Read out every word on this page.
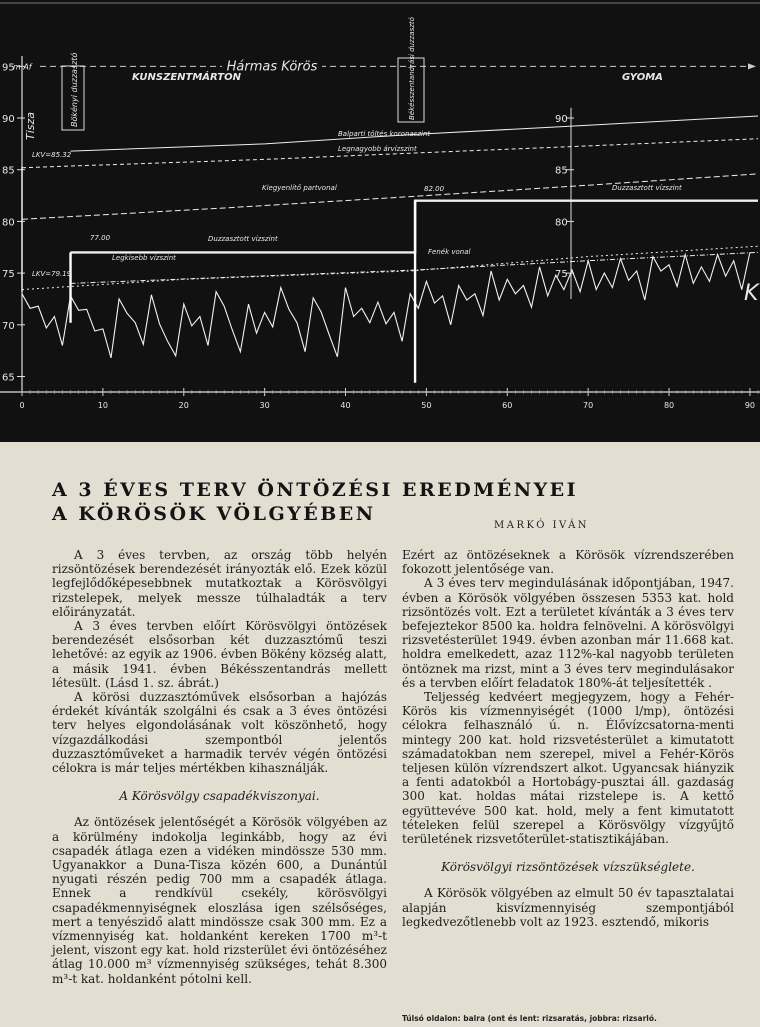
0	10	20	30	40	50	60	70	80	90
95
90
85
80
75
70
65
m Af
90
85
80
75
Hármas Körös
KUNSZENTMÁRTON	GYOMA
Tisza	Bökényi duzzasztó	Békésszentandrási duzzasztó
K
Balparti töltés koronaszint
Legnagyobb árvízszint
Kiegyenlítő partvonal
Duzzasztott vízszint
Duzzasztott vízszint
Legkisebb vízszint
Fenék vonal
LKV=85.32
LKV=79.19
77.00
82.00
A 3 ÉVES TERV ÖNTÖZÉSI EREDMÉNYEI
A KÖRÖSÖK VÖLGYÉBEN
MARKÓ IVÁN

A 3 éves tervben, az ország több helyén rizsöntözések berendezését irányozták elő. Ezek közül legfejlődőképesebbnek mutatkoztak a Körösvölgyi rizstelepek, melyek messze túlhaladták a terv előirányzatát.

A 3 éves tervben előírt Körösvölgyi öntözések berendezését elsősorban két duzzasztómű teszi lehetővé: az egyik az 1906. évben Bökény község alatt, a másik 1941. évben Békésszentandrás mellett létesült. (Lásd 1. sz. ábrát.)

A körösi duzzasztóművek elsősorban a hajózás érdekét kívánták szolgálni és csak a 3 éves öntözési terv helyes elgondolásának volt köszönhető, hogy vízgazdálkodási szempontból jelentős duzzasztóműveket a harmadik tervév végén öntözési célokra is már teljes mértékben kihasználják.

A Körösvölgy csapadékviszonyai.

Az öntözések jelentőségét a Körösök völgyében az a körülmény indokolja leginkább, hogy az évi csapadék átlaga ezen a vidéken mindössze 530 mm. Ugyanakkor a Duna-Tisza közén 600, a Dunántúl nyugati részén pedig 700 mm a csapadék átlaga. Ennek a rendkívül csekély, körösvölgyi csapadékmennyiségnek eloszlása igen szélsőséges, mert a tenyészidő alatt mindössze csak 300 mm. Ez a vízmennyiség kat. holdanként kereken 1700 m³-t jelent, viszont egy kat. hold rizsterület évi öntözéséhez átlag 10.000 m³ vízmennyiség szükséges, tehát 8.300 m³-t kat. holdanként pótolni kell.

Ezért az öntözéseknek a Körösök vízrendszerében fokozott jelentősége van.

A 3 éves terv megindulásának időpontjában, 1947. évben a Körösök völgyében összesen 5353 kat. hold rizsöntözés volt. Ezt a területet kívánták a 3 éves terv befejeztekor 8500 ka. holdra felnövelni. A körösvölgyi rizsvetésterület 1949. évben azonban már 11.668 kat. holdra emelkedett, azaz 112%-kal nagyobb területen öntöznek ma rizst, mint a 3 éves terv megindulásakor és a tervben előírt feladatok 180%-át teljesítették .

Teljesség kedvéert megjegyzem, hogy a Fehér-Körös kis vízmennyiségét (1000 l/mp), öntözési célokra felhasználó ú. n. Élővízcsatorna-menti mintegy 200 kat. hold rizsvetésterület a kimutatott számadatokban nem szerepel, mivel a Fehér-Körös teljesen külön vízrendszert alkot. Ugyancsak hiányzik a fenti adatokból a Hortobágy-pusztai áll. gazdaság 300 kat. holdas mátai rizstelepe is. A kettő együttevéve 500 kat. hold, mely a fent kimutatott tételeken felül szerepel a Körösvölgy vízgyűjtő területének rizsvetőterület-statisztikájában.

Körösvölgyi rizsöntözések vízszükséglete.

A Körösök völgyében az elmult 50 év tapasztalatai alapján kisvízmennyiség szempontjából legkedvezőtlenebb volt az 1923. esztendő, mikoris

Túlsó oldalon: balra (ont és lent: rizsaratás, jobbra: rizsarló.
